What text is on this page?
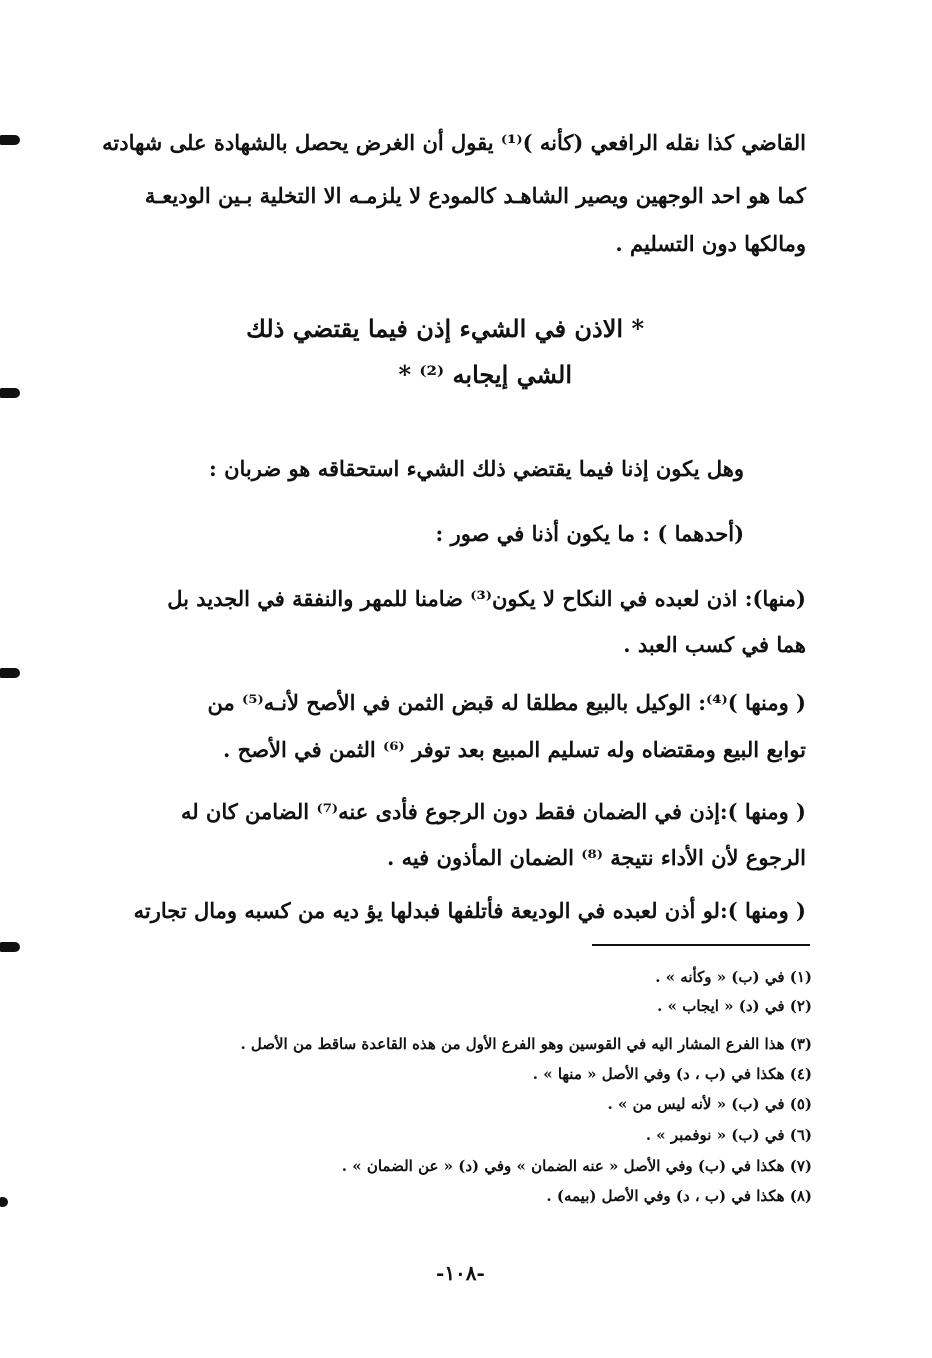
القاضي كذا نقله الرافعي (كأنه )⁽¹⁾ يقول أن الغرض يحصل بالشهادة على شهادته
كما هو احد الوجهين ويصير الشاهـد كالمودع لا يلزمـه الا التخلية بـين الوديعـة
ومالكها دون التسليم .
* الاذن في الشيء إذن فيما يقتضي ذلك
الشي إيجابه ⁽²⁾ *
وهل يكون إذنا فيما يقتضي ذلك الشيء استحقاقه هو ضربان :
(أحدهما ) : ما يكون أذنا في صور :
(منها): اذن لعبده في النكاح لا يكون⁽³⁾ ضامنا للمهر والنفقة في الجديد بل
هما في كسب العبد .
( ومنها )⁽⁴⁾: الوكيل بالبيع مطلقا له قبض الثمن في الأصح لأنـه⁽⁵⁾ من
توابع البيع ومقتضاه وله تسليم المبيع بعد توفر ⁽⁶⁾ الثمن في الأصح .
( ومنها ):إذن في الضمان فقط دون الرجوع فأدى عنه⁽⁷⁾ الضامن كان له
الرجوع لأن الأداء نتيجة ⁽⁸⁾ الضمان المأذون فيه .
( ومنها ):لو أذن لعبده في الوديعة فأتلفها فبدلها يؤ ديه من كسبه ومال تجارته
(١) في (ب) « وكأنه » .
(٢) في (د) « ايجاب » .
(٣) هذا الفرع المشار اليه في القوسين وهو الفرع الأول من هذه القاعدة ساقط من الأصل .
(٤) هكذا في (ب ، د) وفي الأصل « منها » .
(٥) في (ب) « لأنه ليس من » .
(٦) في (ب) « نوفمبر » .
(٧) هكذا في (ب) وفي الأصل « عنه الضمان » وفي (د) « عن الضمان » .
(٨) هكذا في (ب ، د) وفي الأصل (بيمه) .
-١٠٨-
